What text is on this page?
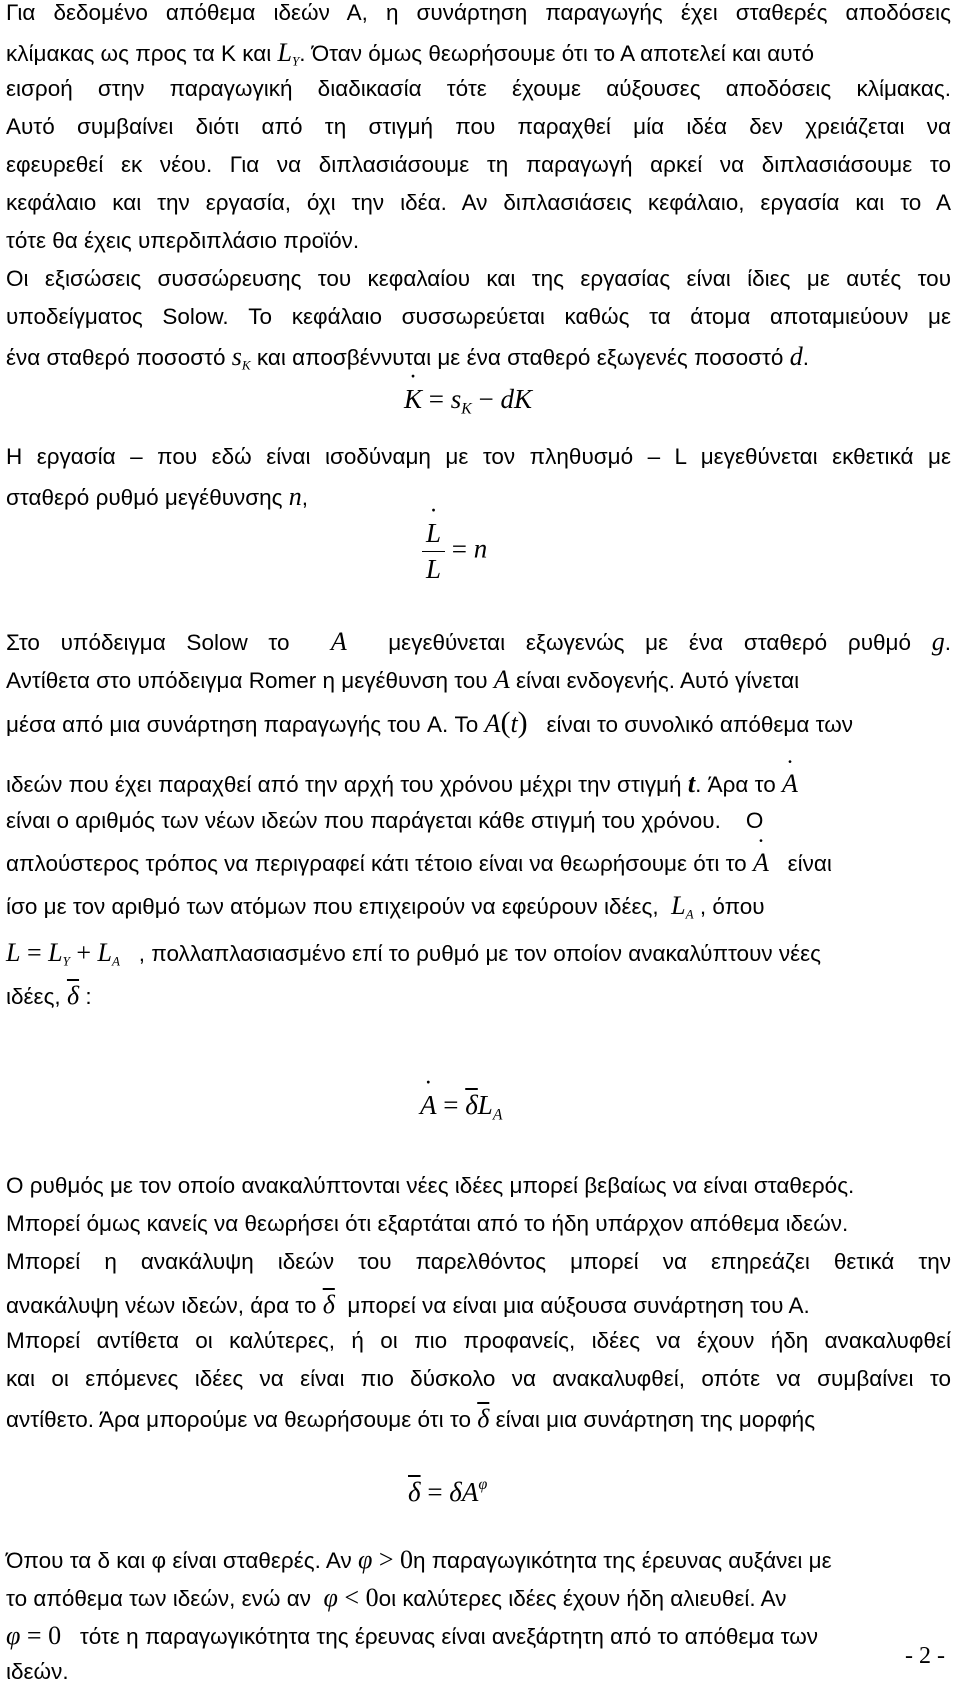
Για δεδομένο απόθεμα ιδεών Α, η συνάρτηση παραγωγής έχει σταθερές αποδόσεις
κλίμακας ως προς τα Κ και $L_Y$. Όταν όμως θεωρήσουμε ότι το Α αποτελεί και αυτό
εισροή στην παραγωγική διαδικασία τότε έχουμε αύξουσες αποδόσεις κλίμακας.
Αυτό συμβαίνει διότι από τη στιγμή που παραχθεί μία ιδέα δεν χρειάζεται να
εφευρεθεί εκ νέου. Για να διπλασιάσουμε τη παραγωγή αρκεί να διπλασιάσουμε το
κεφάλαιο και την εργασία, όχι την ιδέα. Αν διπλασιάσεις κεφάλαιο, εργασία και το Α
τότε θα έχεις υπερδιπλάσιο προϊόν.
Οι εξισώσεις συσσώρευσης του κεφαλαίου και της εργασίας είναι ίδιες με αυτές του
υποδείγματος Solow. Το κεφάλαιο συσσωρεύεται καθώς τα άτομα αποταμιεύουν με
ένα σταθερό ποσοστό $s_K$ και αποσβέννυται με ένα σταθερό εξωγενές ποσοστό d.
˙ $K = s_K$ − dK
Η εργασία – που εδώ είναι ισοδύναμη με τον πληθυσμό – L μεγεθύνεται εκθετικά με
σταθερό ρυθμό μεγέθυνσης n,
˙ $\frac{L}{L} = n$
Στο υπόδειγμα Solow το A μεγεθύνεται εξωγενώς με ένα σταθερό ρυθμό g.
Αντίθετα στο υπόδειγμα Romer η μεγέθυνση του A είναι ενδογενής. Αυτό γίνεται
μέσα από μια συνάρτηση παραγωγής του A. Το A(t) είναι το συνολικό απόθεμα των
ιδεών που έχει παραχθεί από την αρχή του χρόνου μέχρι την στιγμή t. Άρα το ˙ A
είναι ο αριθμός των νέων ιδεών που παράγεται κάθε στιγμή του χρόνου. Ο
απλούστερος τρόπος να περιγραφεί κάτι τέτοιο είναι να θεωρήσουμε ότι το ˙ A είναι
ίσο με τον αριθμό των ατόμων που επιχειρούν να εφεύρουν ιδέες, $L_A$ , όπου
$L = L_Y + L_A$ , πολλαπλασιασμένο επί το ρυθμό με τον οποίον ανακαλύπτουν νέες
ιδέες, $\overline{\delta}$ :
˙ $A = \overline{\delta}L_A$
Ο ρυθμός με τον οποίο ανακαλύπτονται νέες ιδέες μπορεί βεβαίως να είναι σταθερός.
Μπορεί όμως κανείς να θεωρήσει ότι εξαρτάται από το ήδη υπάρχον απόθεμα ιδεών.
Μπορεί η ανακάλυψη ιδεών του παρελθόντος μπορεί να επηρεάζει θετικά την
ανακάλυψη νέων ιδεών, άρα το $\overline{\delta}$ μπορεί να είναι μια αύξουσα συνάρτηση του Α.
Μπορεί αντίθετα οι καλύτερες, ή οι πιο προφανείς, ιδέες να έχουν ήδη ανακαλυφθεί
και οι επόμενες ιδέες να είναι πιο δύσκολο να ανακαλυφθεί, οπότε να συμβαίνει το
αντίθετο. Άρα μπορούμε να θεωρήσουμε ότι το $\overline{\delta}$ είναι μια συνάρτηση της μορφής
$\overline{\delta} = \delta A^\varphi$
Όπου τα δ και φ είναι σταθερές. Αν φ > 0η παραγωγικότητα της έρευνας αυξάνει με
το απόθεμα των ιδεών, ενώ αν φ < 0οι καλύτερες ιδέες έχουν ήδη αλιευθεί. Αν
φ = 0 τότε η παραγωγικότητα της έρευνας είναι ανεξάρτητη από το απόθεμα των
ιδεών.
- 2 -
